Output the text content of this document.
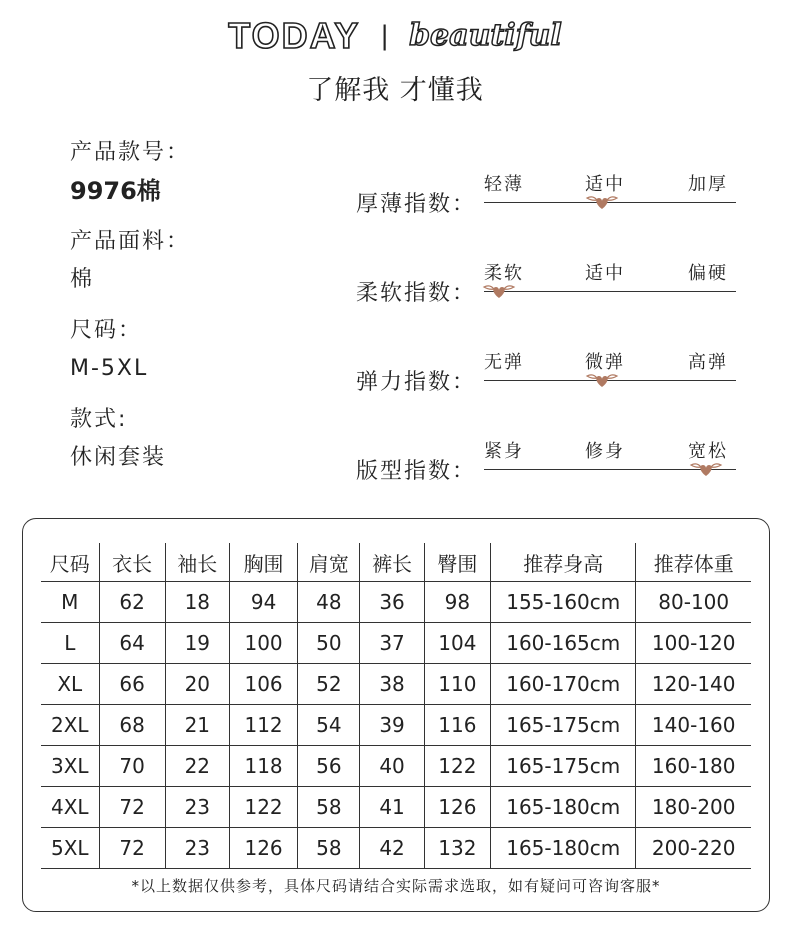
TODAY | beautiful
了解我 才懂我
产品款号：
9976棉
产品面料：
棉
尺码：
M-5XL
款式:
休闲套装
厚薄指数：
轻薄	适中	加厚
柔软指数：
柔软	适中	偏硬
弹力指数：
无弹	微弹	高弹
版型指数：
紧身	修身	宽松
尺码	衣长	袖长	胸围	肩宽	裤长	臀围	推荐身高	推荐体重
M	62	18	94	48	36	98	155-160cm	80-100
L	64	19	100	50	37	104	160-165cm	100-120
XL	66	20	106	52	38	110	160-170cm	120-140
2XL	68	21	112	54	39	116	165-175cm	140-160
3XL	70	22	118	56	40	122	165-175cm	160-180
4XL	72	23	122	58	41	126	165-180cm	180-200
5XL	72	23	126	58	42	132	165-180cm	200-220
*以上数据仅供参考，具体尺码请结合实际需求选取，如有疑问可咨询客服*
